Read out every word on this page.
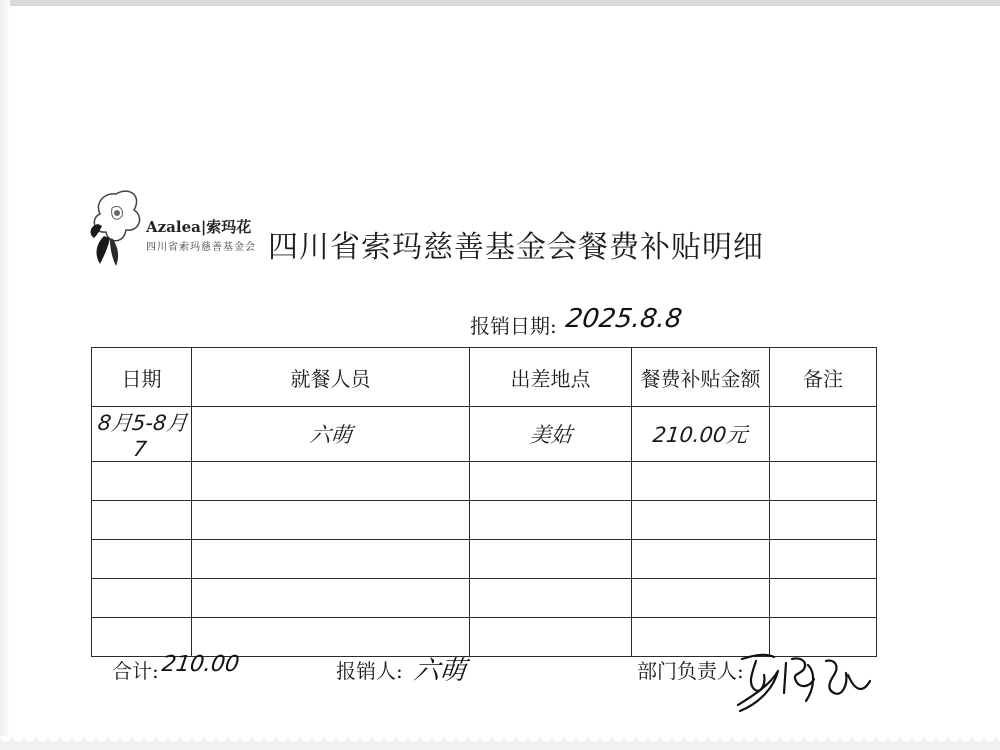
Azalea|索玛花
四川省索玛慈善基金会 四川省索玛慈善基金会餐费补贴明细
报销日期: 2025.8.8
日期	就餐人员	出差地点	餐费补贴金额	备注
8月5-8月7	六萌	美姑	210.00元	

合计: 210.00	报销人: 六萌	部门负责人:
